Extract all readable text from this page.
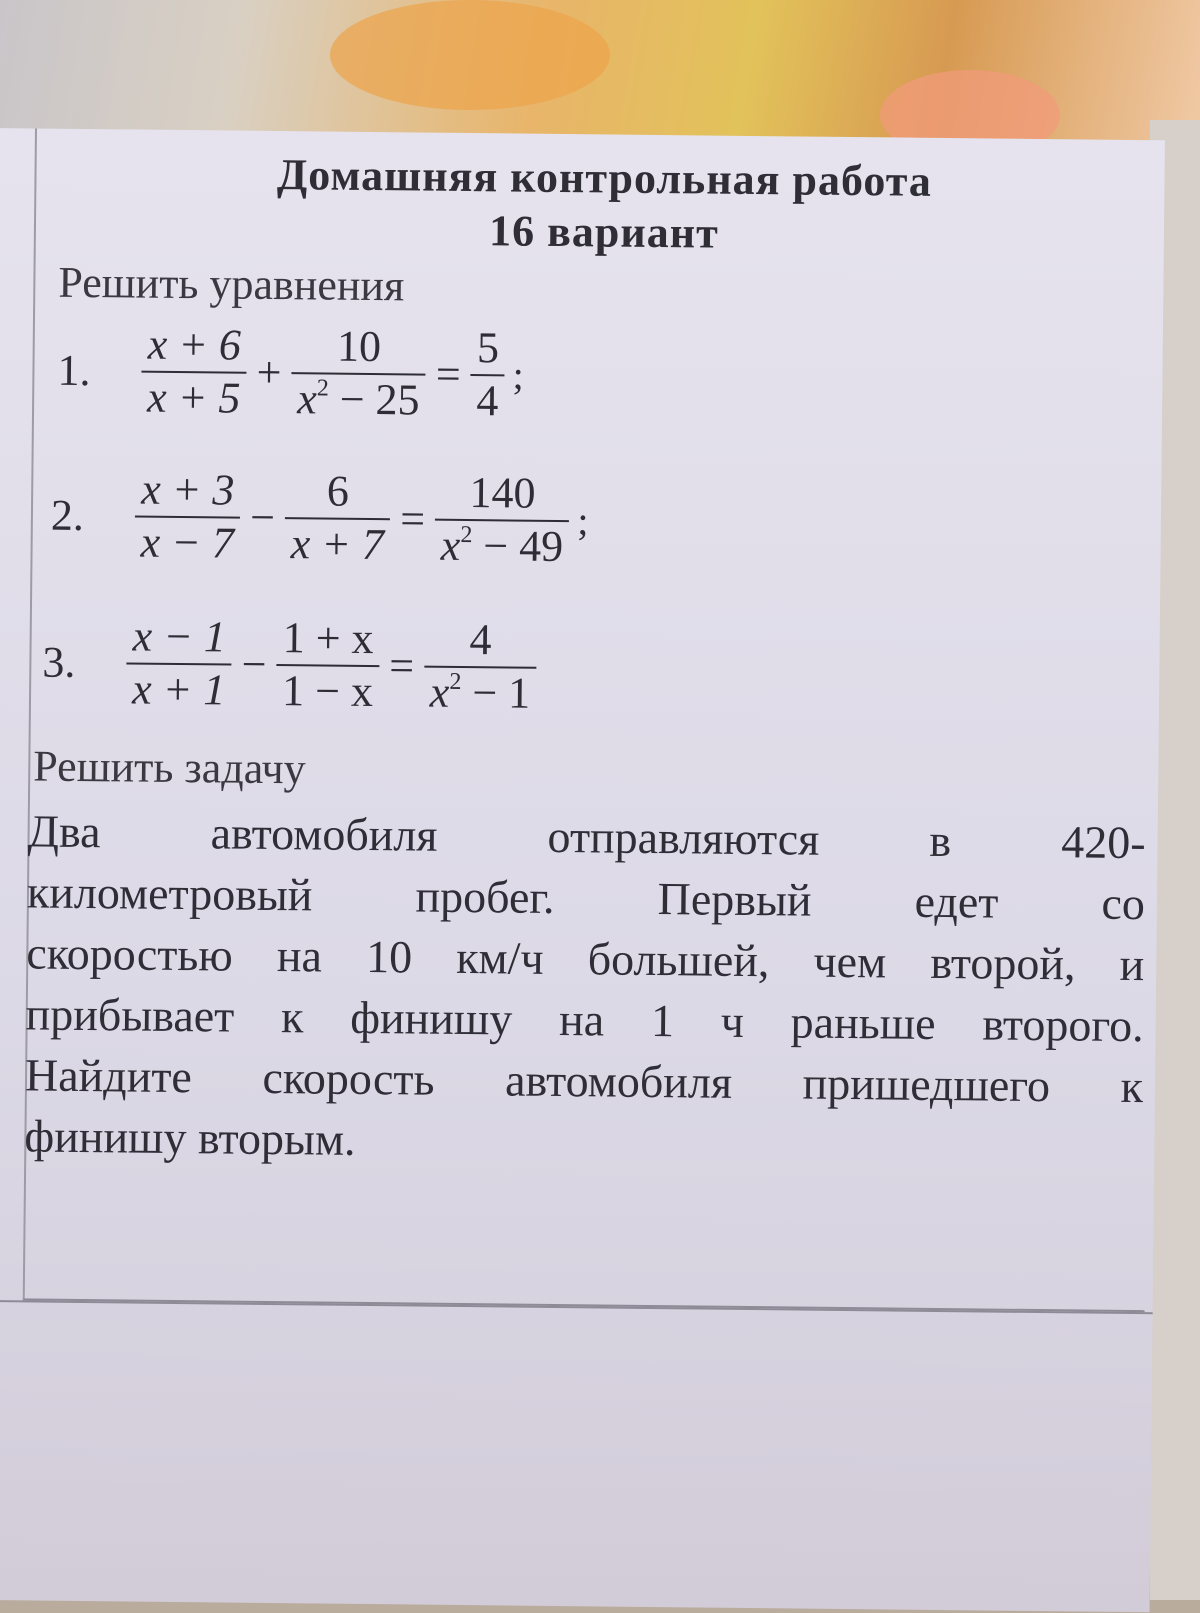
Домашняя контрольная работа
16 вариант
Решить уравнения
1.	$\frac{x + 6}{x + 5} + \frac{10}{x^2 - 25} = \frac{5}{4}$ ;
2.	$\frac{x + 3}{x - 7} - \frac{6}{x + 7} = \frac{140}{x^2 - 49}$ ;
3.	$\frac{x - 1}{x + 1} - \frac{1 + x}{1 - x} = \frac{4}{x^2 - 1}$
Решить задачу

Два автомобиля отправляются в 420-

километровый пробег. Первый едет со

скоростью на 10 км/ч большей, чем второй, и

прибывает к финишу на 1 ч раньше второго.

Найдите скорость автомобиля пришедшего к

финишу вторым.
